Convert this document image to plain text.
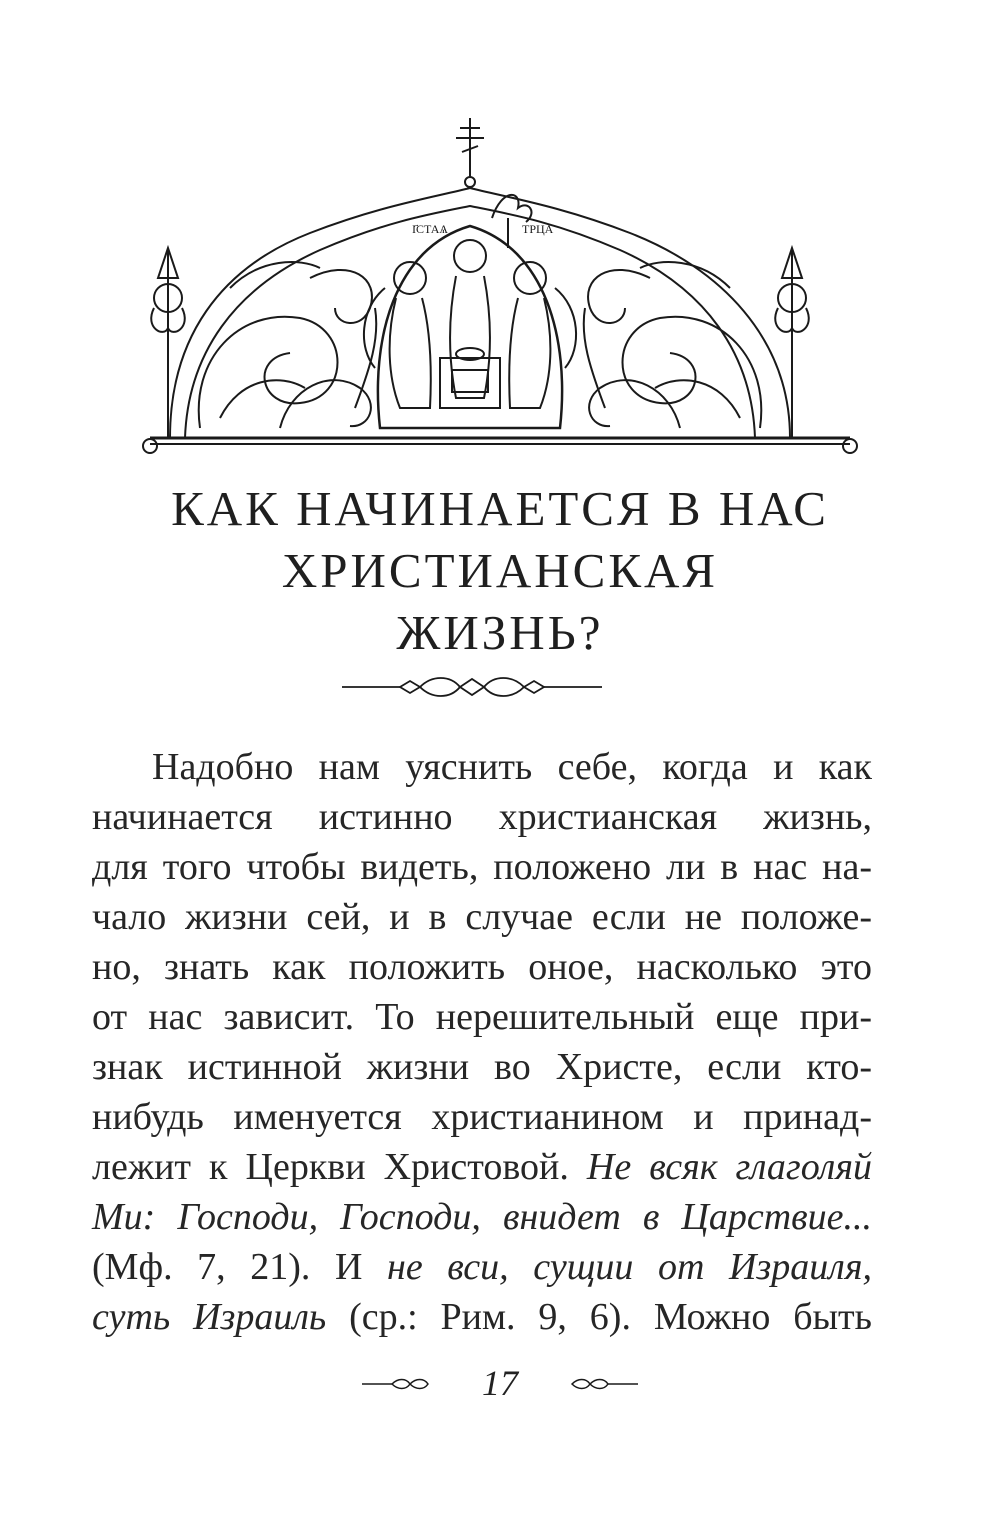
I҃СТАѦ	ТРЦА
КАК НАЧИНАЕТСЯ В НАС
ХРИСТИАНСКАЯ
ЖИЗНЬ?
Надобно нам уяснить себе, когда и как
начинается истинно христианская жизнь,
для того чтобы видеть, положено ли в нас на-
чало жизни сей, и в случае если не положе-
но, знать как положить оное, насколько это
от нас зависит. То нерешительный еще при-
знак истинной жизни во Христе, если кто-
нибудь именуется христианином и принад-
лежит к Церкви Христовой. Не всяк глаголяй
Ми: Господи, Господи, внидет в Царствие...
(Мф. 7, 21). И не вси, сущии от Израиля,
суть Израиль (ср.: Рим. 9, 6). Можно быть
17
